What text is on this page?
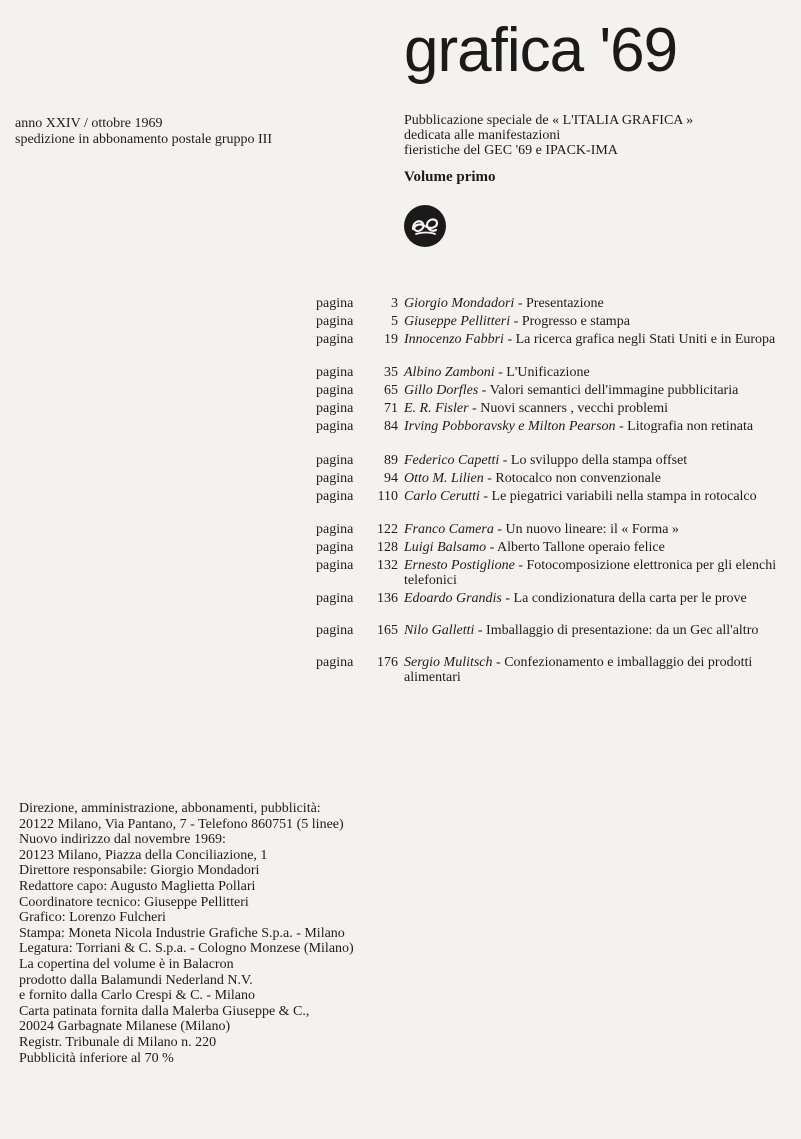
grafica '69
anno XXIV / ottobre 1969
spedizione in abbonamento postale gruppo III
Pubblicazione speciale de « L'ITALIA GRAFICA »
dedicata alle manifestazioni
fieristiche del GEC '69 e IPACK-IMA
Volume primo
pagina	3 Giorgio Mondadori - Presentazione
pagina	5 Giuseppe Pellitteri - Progresso e stampa
pagina 19 Innocenzo Fabbri - La ricerca grafica negli Stati Uniti e in Europa
pagina 35 Albino Zamboni - L'Unificazione
pagina 65 Gillo Dorfles - Valori semantici dell'immagine pubblicitaria
pagina 71 E. R. Fisler - Nuovi scanners , vecchi problemi
pagina 84 Irving Pobboravsky e Milton Pearson - Litografia non retinata
pagina 89 Federico Capetti - Lo sviluppo della stampa offset
pagina 94 Otto M. Lilien - Rotocalco non convenzionale
pagina 110 Carlo Cerutti - Le piegatrici variabili nella stampa in rotocalco
pagina 122 Franco Camera - Un nuovo lineare: il « Forma »
pagina 128 Luigi Balsamo - Alberto Tallone operaio felice
pagina 132 Ernesto Postiglione - Fotocomposizione elettronica per gli elenchi telefonici
pagina 136 Edoardo Grandis - La condizionatura della carta per le prove
pagina 165 Nilo Galletti - Imballaggio di presentazione: da un Gec all'altro
pagina 176 Sergio Mulitsch - Confezionamento e imballaggio dei prodotti alimentari
Direzione, amministrazione, abbonamenti, pubblicità:
20122 Milano, Via Pantano, 7 - Telefono 860751 (5 linee)
Nuovo indirizzo dal novembre 1969:
20123 Milano, Piazza della Conciliazione, 1
Direttore responsabile: Giorgio Mondadori
Redattore capo: Augusto Maglietta Pollari
Coordinatore tecnico: Giuseppe Pellitteri
Grafico: Lorenzo Fulcheri
Stampa: Moneta Nicola Industrie Grafiche S.p.a. - Milano
Legatura: Torriani & C. S.p.a. - Cologno Monzese (Milano)
La copertina del volume è in Balacron
prodotto dalla Balamundi Nederland N.V.
e fornito dalla Carlo Crespi & C. - Milano
Carta patinata fornita dalla Malerba Giuseppe & C.,
20024 Garbagnate Milanese (Milano)
Registr. Tribunale di Milano n. 220
Pubblicità inferiore al 70 %
